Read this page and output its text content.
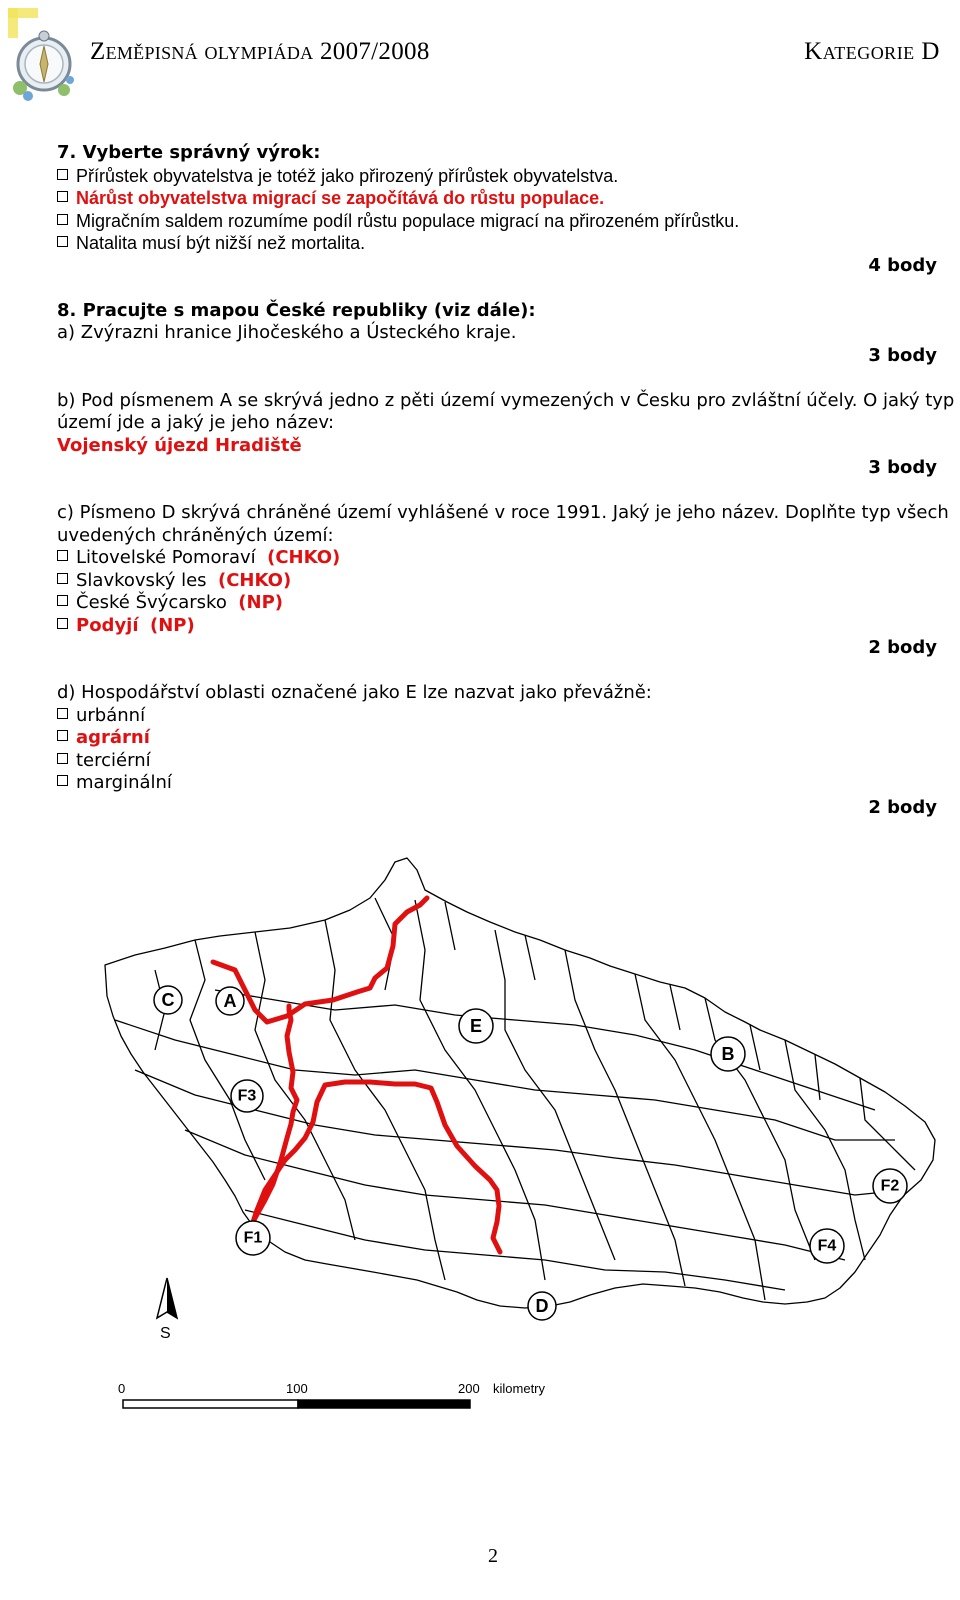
Zeměpisná olympiáda 2007/2008	Kategorie D
7. Vyberte správný výrok:
Přírůstek obyvatelstva je totéž jako přirozený přírůstek obyvatelstva.
Nárůst obyvatelstva migrací se započítává do růstu populace.
Migračním saldem rozumíme podíl růstu populace migrací na přirozeném přírůstku.
Natalita musí být nižší než mortalita.
4 body
8. Pracujte s mapou České republiky (viz dále):
a) Zvýrazni hranice Jihočeského a Ústeckého kraje.
3 body
b) Pod písmenem A se skrývá jedno z pěti území vymezených v Česku pro zvláštní účely. O jaký typ
území jde a jaký je jeho název:
Vojenský újezd Hradiště
3 body
c) Písmeno D skrývá chráněné území vyhlášené v roce 1991. Jaký je jeho název. Doplňte typ všech
uvedených chráněných území:
Litovelské Pomoraví (CHKO)
Slavkovský les (CHKO)
České Švýcarsko (NP)
Podyjí (NP)
2 body
d) Hospodářství oblasti označené jako E lze nazvat jako převážně:
urbánní
agrární
terciérní
marginální
2 body
S
C	A
E
B
F3
F2
F1	F4
D
0	100	200 kilometry
2
